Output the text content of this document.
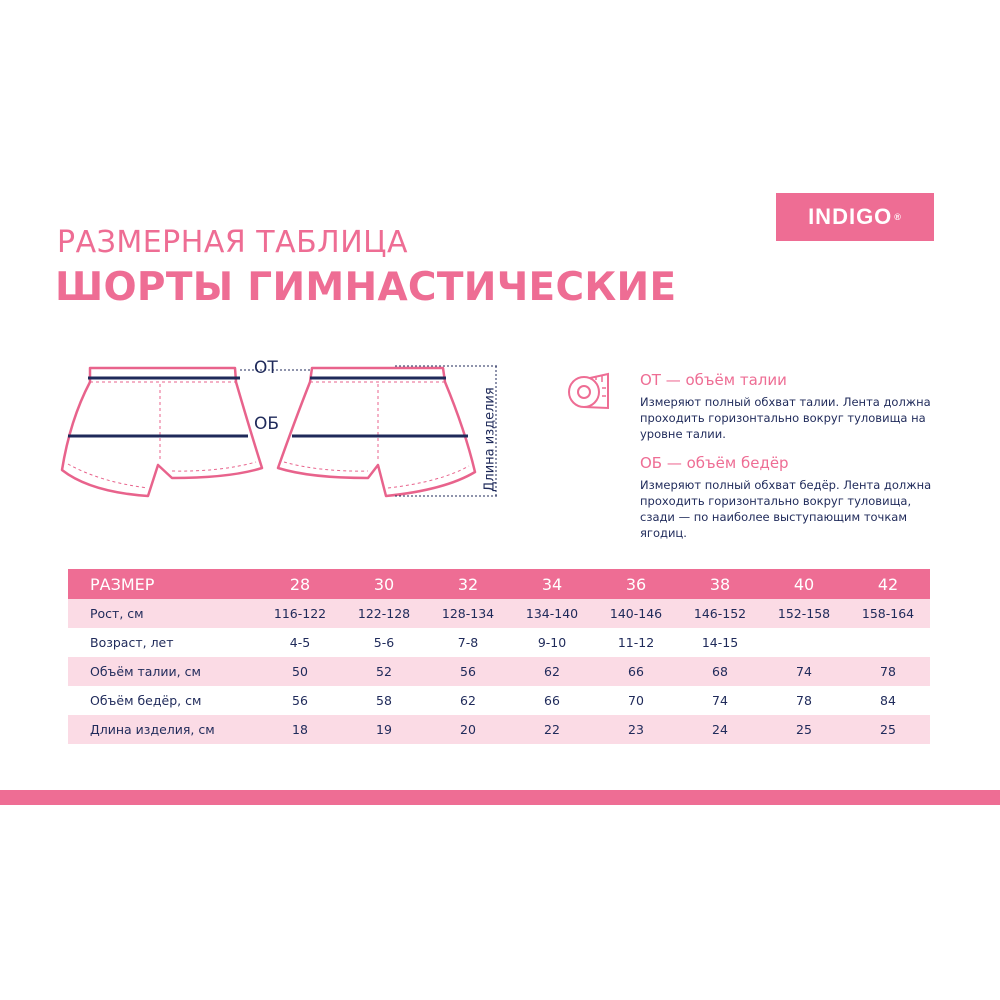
INDIGO ®
РАЗМЕРНАЯ ТАБЛИЦА
ШОРТЫ ГИМНАСТИЧЕСКИЕ
ОТ
ОБ	Длина изделия
ОТ — объём талии
Измеряют полный обхват талии. Лента должна проходить горизонтально вокруг туловища на уровне талии.
ОБ — объём бедёр
Измеряют полный обхват бедёр. Лента должна проходить горизонтально вокруг туловища, сзади — по наиболее выступающим точкам ягодиц.
РАЗМЕР	28	30	32	34	36	38	40	42
Рост, см	116-122	122-128	128-134	134-140	140-146	146-152	152-158	158-164
Возраст, лет	4-5	5-6	7-8	9-10	11-12	14-15
Объём талии, см	50	52	56	62	66	68	74	78
Объём бедёр, см	56	58	62	66	70	74	78	84
Длина изделия, см	18	19	20	22	23	24	25	25
